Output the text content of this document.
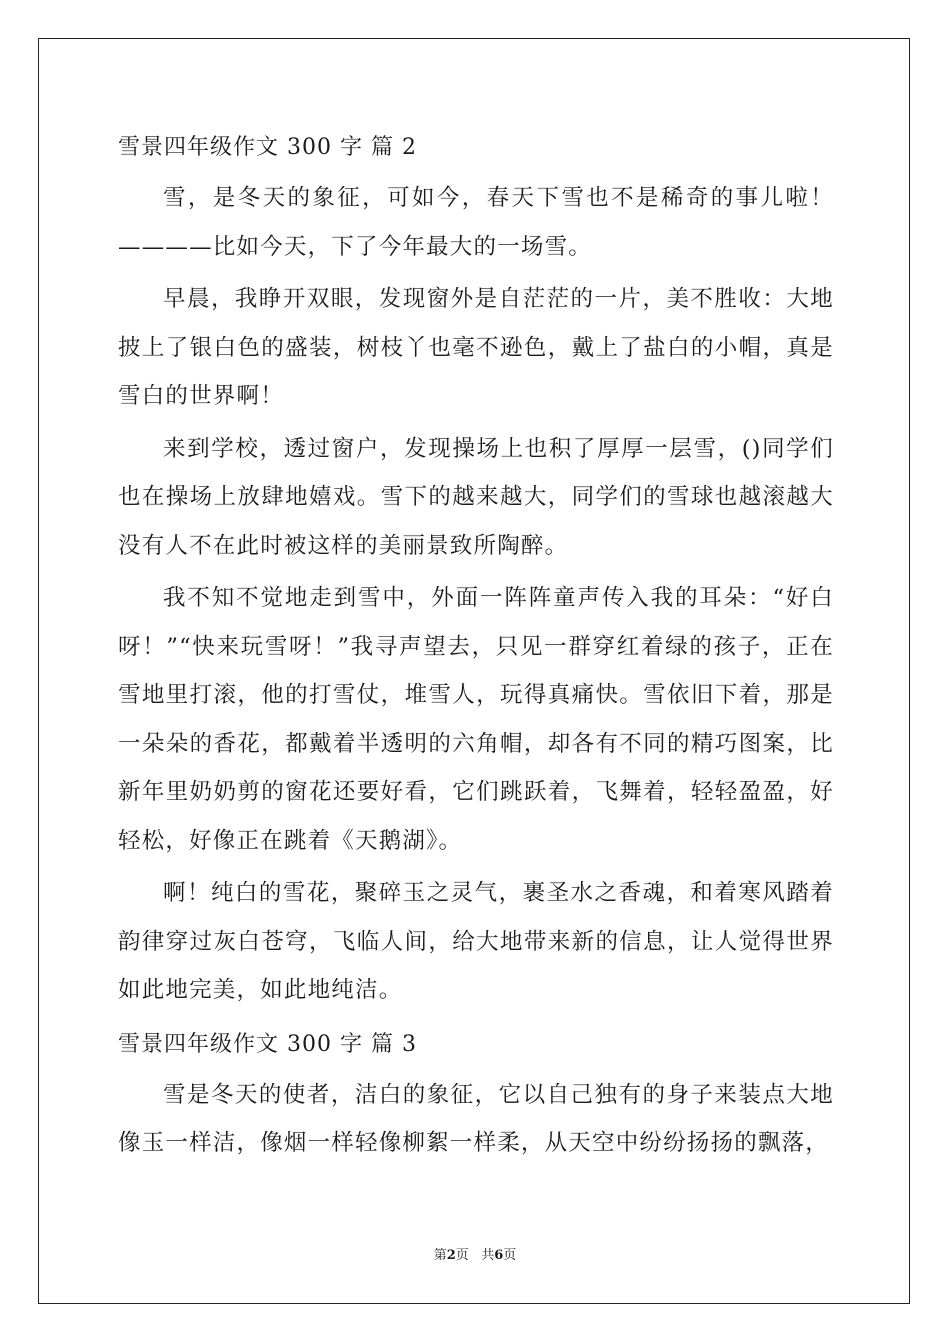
雪景四年级作文 300 字 篇 2

雪，是冬天的象征，可如今，春天下雪也不是稀奇的事儿啦！————比如今天，下了今年最大的一场雪。

早晨，我睁开双眼，发现窗外是自茫茫的一片，美不胜收：大地披上了银白色的盛装，树枝丫也毫不逊色，戴上了盐白的小帽，真是雪白的世界啊！

来到学校，透过窗户，发现操场上也积了厚厚一层雪，()同学们也在操场上放肆地嬉戏。雪下的越来越大，同学们的雪球也越滚越大没有人不在此时被这样的美丽景致所陶醉。

我不知不觉地走到雪中，外面一阵阵童声传入我的耳朵：“好白呀！”“快来玩雪呀！”我寻声望去，只见一群穿红着绿的孩子，正在雪地里打滚，他的打雪仗，堆雪人，玩得真痛快。雪依旧下着，那是一朵朵的香花，都戴着半透明的六角帽，却各有不同的精巧图案，比新年里奶奶剪的窗花还要好看，它们跳跃着，飞舞着，轻轻盈盈，好轻松，好像正在跳着《天鹅湖》。

啊！纯白的雪花，聚碎玉之灵气，裹圣水之香魂，和着寒风踏着韵律穿过灰白苍穹，飞临人间，给大地带来新的信息，让人觉得世界如此地完美，如此地纯洁。

雪景四年级作文 300 字 篇 3

雪是冬天的使者，洁白的象征，它以自己独有的身子来装点大地像玉一样洁，像烟一样轻像柳絮一样柔，从天空中纷纷扬扬的飘落，

第2页 共6页
